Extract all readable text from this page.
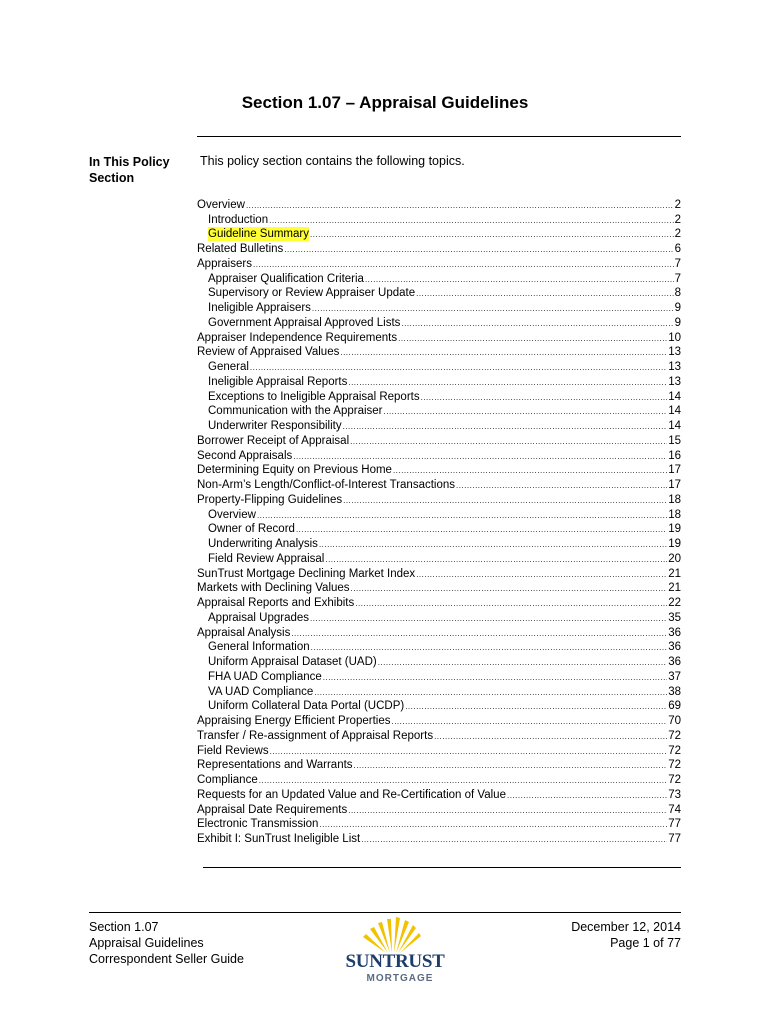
Section 1.07 – Appraisal Guidelines
In This Policy
Section
This policy section contains the following topics.
Overview .....	2
Introduction .....	2
Guideline Summary .....	2
Related Bulletins .....	6
Appraisers .....	7
Appraiser Qualification Criteria .....	7
Supervisory or Review Appraiser Update .....	8
Ineligible Appraisers .....	9
Government Appraisal Approved Lists .....	9
Appraiser Independence Requirements .....	10
Review of Appraised Values .....	13
General .....	13
Ineligible Appraisal Reports .....	13
Exceptions to Ineligible Appraisal Reports .....	14
Communication with the Appraiser .....	14
Underwriter Responsibility .....	14
Borrower Receipt of Appraisal .....	15
Second Appraisals .....	16
Determining Equity on Previous Home .....	17
Non-Arm’s Length/Conflict-of-Interest Transactions .....	17
Property-Flipping Guidelines .....	18
Overview .....	18
Owner of Record .....	19
Underwriting Analysis .....	19
Field Review Appraisal .....	20
SunTrust Mortgage Declining Market Index .....	21
Markets with Declining Values .....	21
Appraisal Reports and Exhibits .....	22
Appraisal Upgrades .....	35
Appraisal Analysis .....	36
General Information .....	36
Uniform Appraisal Dataset (UAD) .....	36
FHA UAD Compliance .....	37
VA UAD Compliance .....	38
Uniform Collateral Data Portal (UCDP) .....	69
Appraising Energy Efficient Properties .....	70
Transfer / Re-assignment of Appraisal Reports .....	72
Field Reviews .....	72
Representations and Warrants .....	72
Compliance .....	72
Requests for an Updated Value and Re-Certification of Value .....	73
Appraisal Date Requirements .....	74
Electronic Transmission .....	77
Exhibit I: SunTrust Ineligible List .....	77
Section 1.07
Appraisal Guidelines
Correspondent Seller Guide	SUNTRUST
MORTGAGE
December 12, 2014
Page 1 of 77
